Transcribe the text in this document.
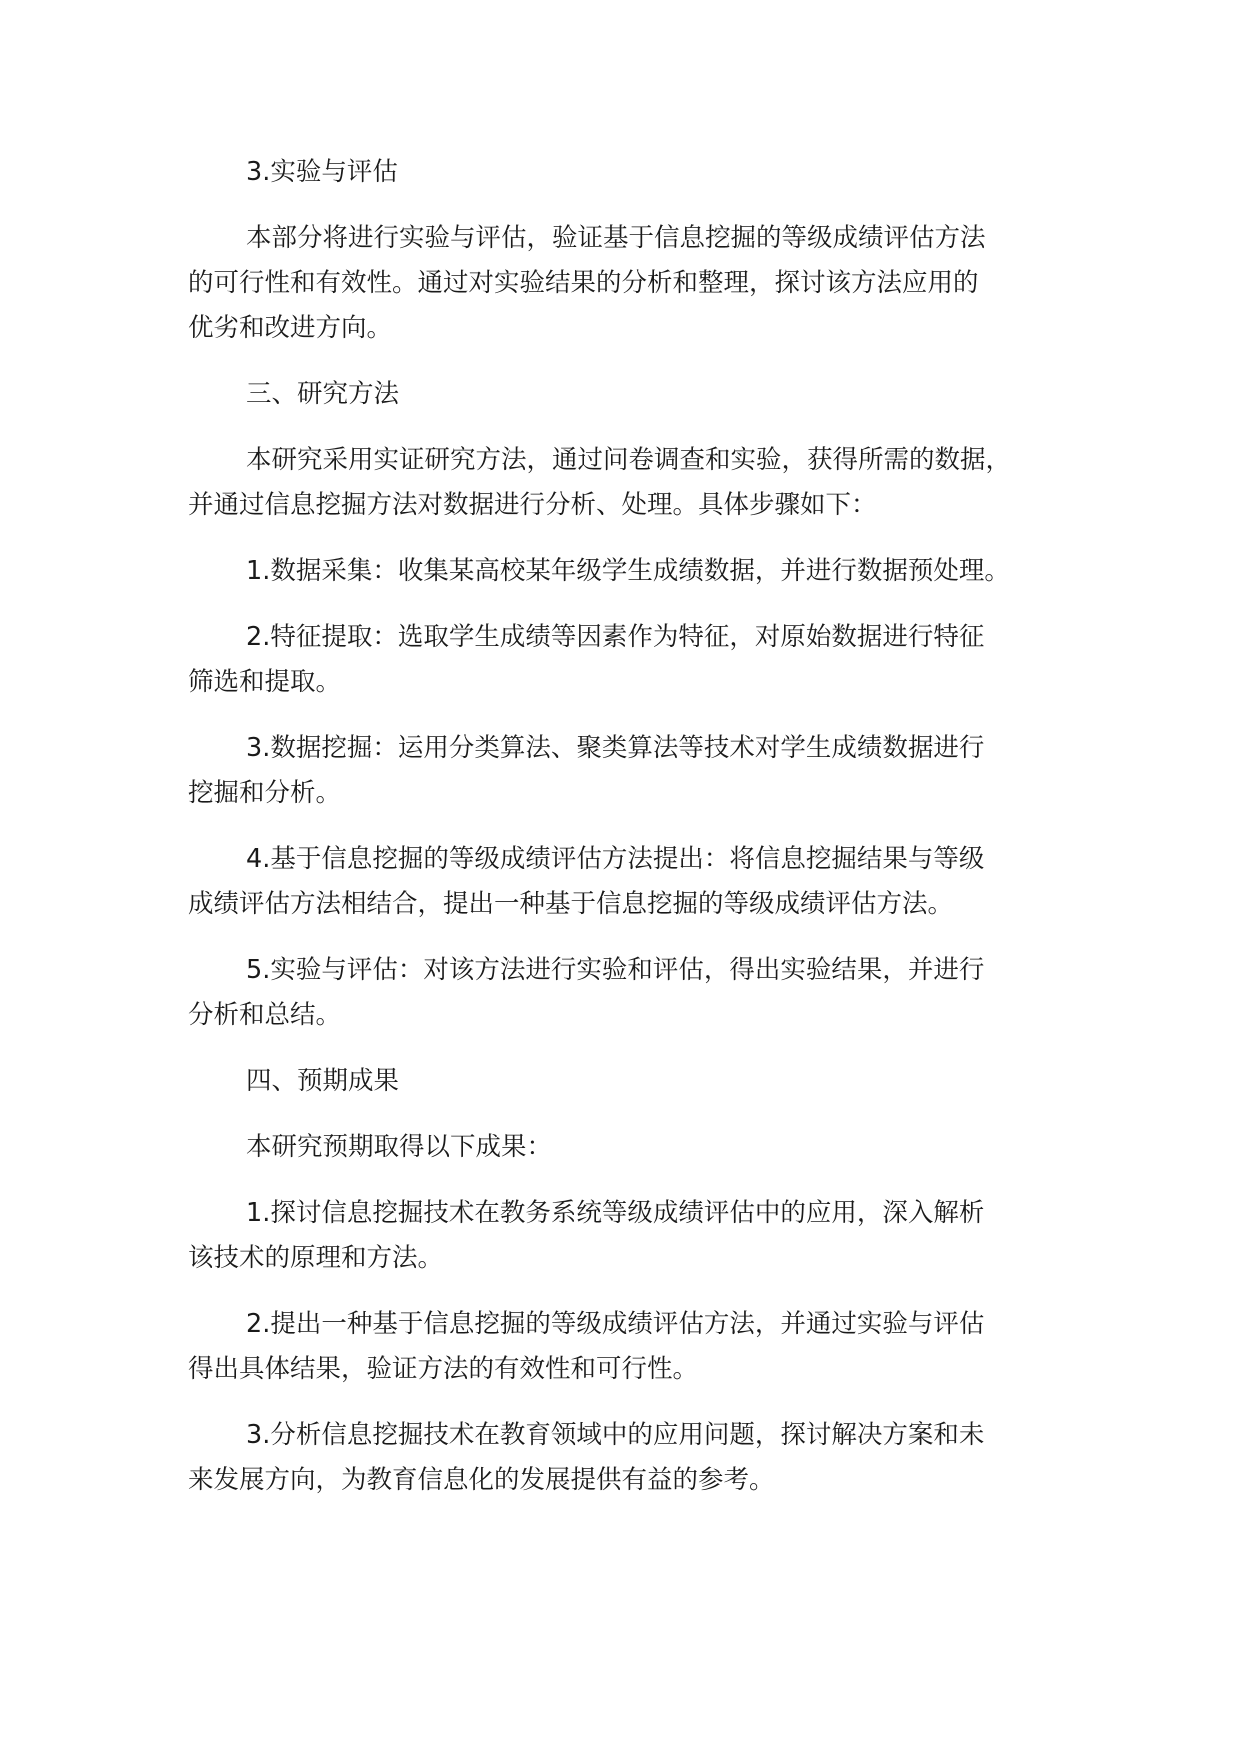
3.实验与评估

本部分将进行实验与评估，验证基于信息挖掘的等级成绩评估方法
的可行性和有效性。通过对实验结果的分析和整理，探讨该方法应用的
优劣和改进方向。

三、研究方法

本研究采用实证研究方法，通过问卷调查和实验，获得所需的数据，
并通过信息挖掘方法对数据进行分析、处理。具体步骤如下：

1.数据采集：收集某高校某年级学生成绩数据，并进行数据预处理。

2.特征提取：选取学生成绩等因素作为特征，对原始数据进行特征
筛选和提取。

3.数据挖掘：运用分类算法、聚类算法等技术对学生成绩数据进行
挖掘和分析。

4.基于信息挖掘的等级成绩评估方法提出：将信息挖掘结果与等级
成绩评估方法相结合，提出一种基于信息挖掘的等级成绩评估方法。

5.实验与评估：对该方法进行实验和评估，得出实验结果，并进行
分析和总结。

四、预期成果

本研究预期取得以下成果：

1.探讨信息挖掘技术在教务系统等级成绩评估中的应用，深入解析
该技术的原理和方法。

2.提出一种基于信息挖掘的等级成绩评估方法，并通过实验与评估
得出具体结果，验证方法的有效性和可行性。

3.分析信息挖掘技术在教育领域中的应用问题，探讨解决方案和未
来发展方向，为教育信息化的发展提供有益的参考。
